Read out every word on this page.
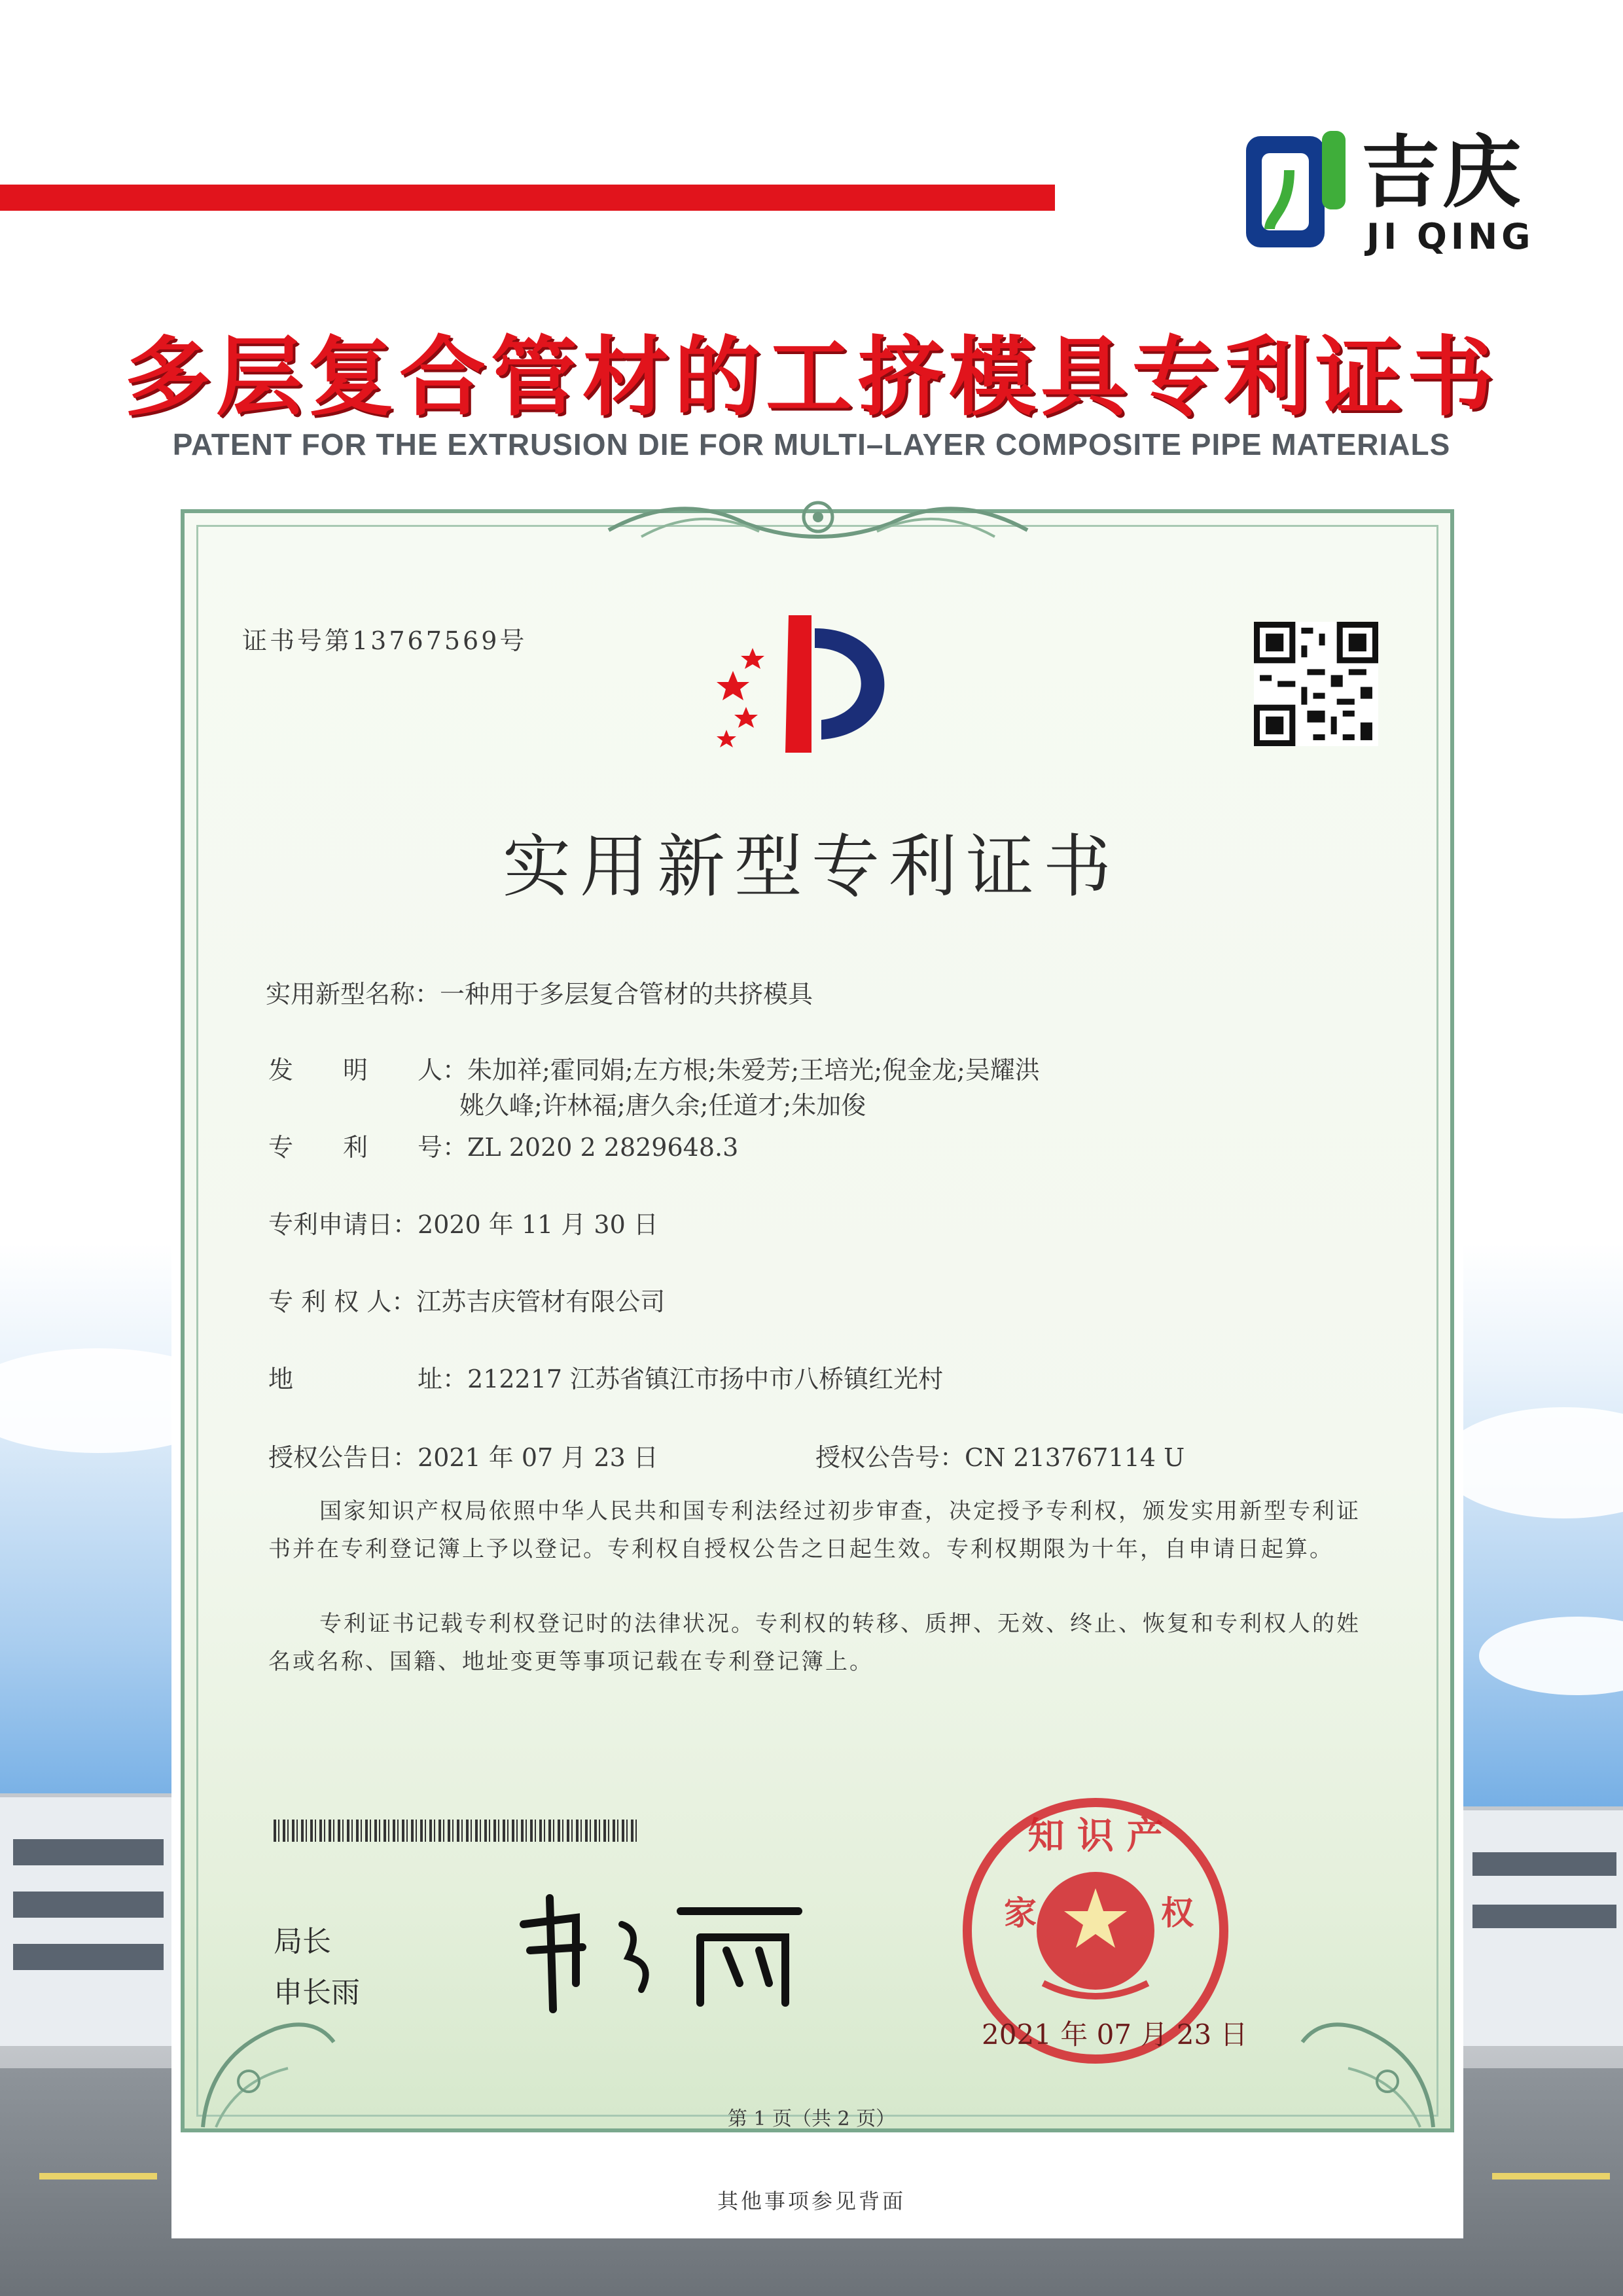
吉庆
JI QING
多层复合管材的工挤模具专利证书
PATENT FOR THE EXTRUSION DIE FOR MULTI–LAYER COMPOSITE PIPE MATERIALS
证书号第13767569号
实用新型专利证书
实用新型名称：一种用于多层复合管材的共挤模具
发　　明　　人：朱加祥;霍同娟;左方根;朱爱芳;王培光;倪金龙;吴耀洪
姚久峰;许林福;唐久余;任道才;朱加俊
专　　利　　号：ZL 2020 2 2829648.3
专利申请日：2020 年 11 月 30 日
专 利 权 人：江苏吉庆管材有限公司
地　　　　　址：212217 江苏省镇江市扬中市八桥镇红光村
授权公告日：2021 年 07 月 23 日	授权公告号：CN 213767114 U
国家知识产权局依照中华人民共和国专利法经过初步审查，决定授予专利权，颁发实用新型专利证书并在专利登记簿上予以登记。专利权自授权公告之日起生效。专利权期限为十年，自申请日起算。
专利证书记载专利权登记时的法律状况。专利权的转移、质押、无效、终止、恢复和专利权人的姓名或名称、国籍、地址变更等事项记载在专利登记簿上。
局长
申长雨
知 识 产
家	权
2021 年 07 月 23 日
第 1 页（共 2 页）
其他事项参见背面
